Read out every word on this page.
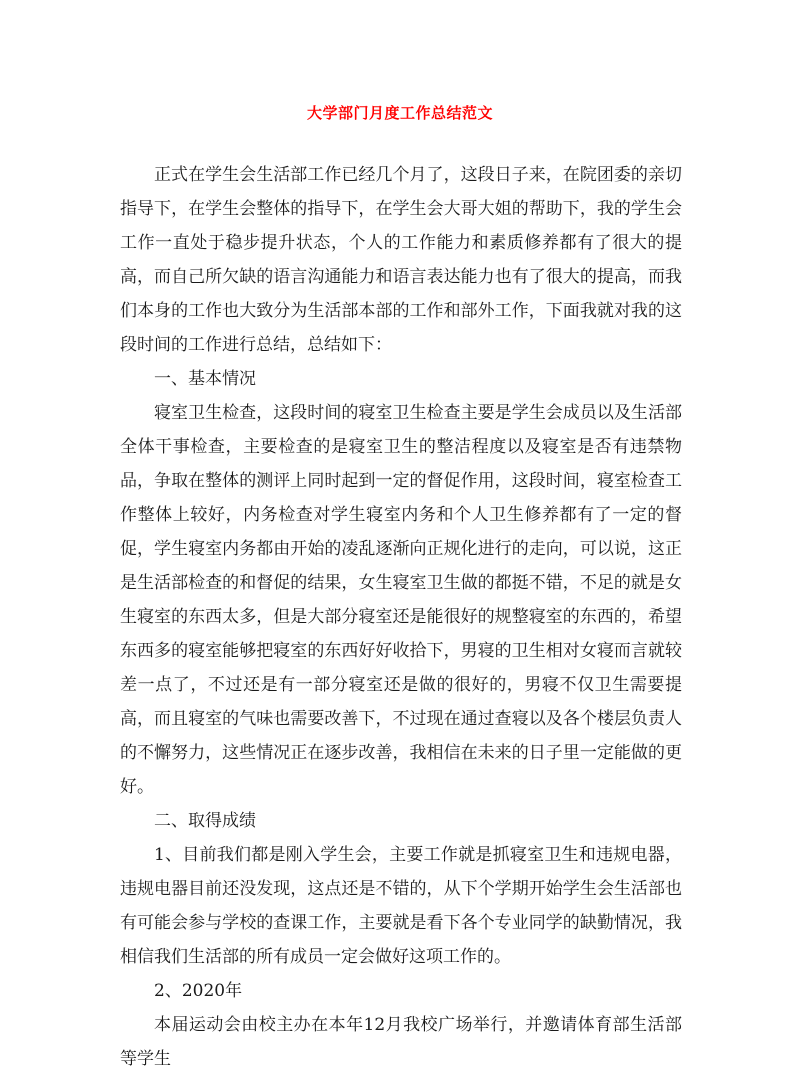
大学部门月度工作总结范文

正式在学生会生活部工作已经几个月了，这段日子来，在院团委的亲切指导下，在学生会整体的指导下，在学生会大哥大姐的帮助下，我的学生会工作一直处于稳步提升状态，个人的工作能力和素质修养都有了很大的提高，而自己所欠缺的语言沟通能力和语言表达能力也有了很大的提高，而我们本身的工作也大致分为生活部本部的工作和部外工作，下面我就对我的这段时间的工作进行总结，总结如下：

一、基本情况

寝室卫生检查，这段时间的寝室卫生检查主要是学生会成员以及生活部全体干事检查，主要检查的是寝室卫生的整洁程度以及寝室是否有违禁物品，争取在整体的测评上同时起到一定的督促作用，这段时间，寝室检查工作整体上较好，内务检查对学生寝室内务和个人卫生修养都有了一定的督促，学生寝室内务都由开始的凌乱逐渐向正规化进行的走向，可以说，这正是生活部检查的和督促的结果，女生寝室卫生做的都挺不错，不足的就是女生寝室的东西太多，但是大部分寝室还是能很好的规整寝室的东西的，希望东西多的寝室能够把寝室的东西好好收拾下，男寝的卫生相对女寝而言就较差一点了，不过还是有一部分寝室还是做的很好的，男寝不仅卫生需要提高，而且寝室的气味也需要改善下，不过现在通过查寝以及各个楼层负责人的不懈努力，这些情况正在逐步改善，我相信在未来的日子里一定能做的更好。

二、取得成绩

1、目前我们都是刚入学生会，主要工作就是抓寝室卫生和违规电器，违规电器目前还没发现，这点还是不错的，从下个学期开始学生会生活部也有可能会参与学校的查课工作，主要就是看下各个专业同学的缺勤情况，我相信我们生活部的所有成员一定会做好这项工作的。

2、2020年

本届运动会由校主办在本年12月我校广场举行，并邀请体育部生活部等学生
